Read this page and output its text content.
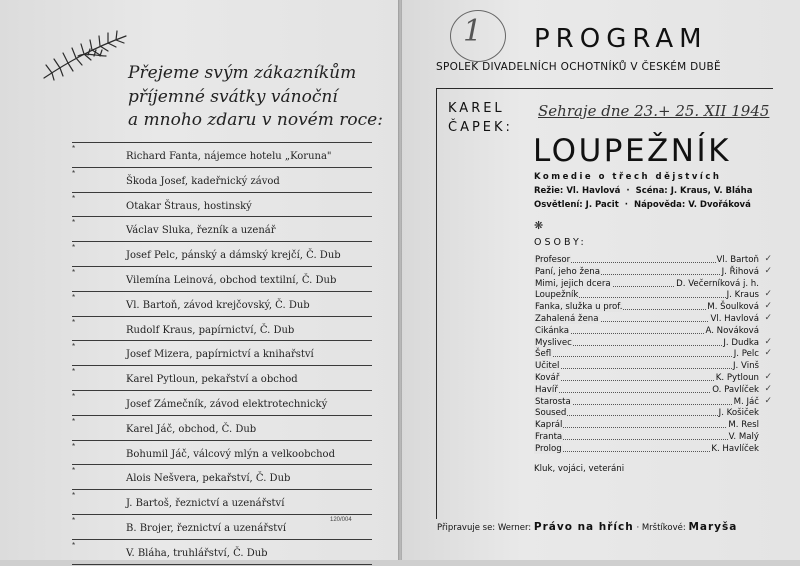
Přejeme svým zákazníkům
příjemné svátky vánoční
a mnoho zdaru v novém roce:
*
Richard Fanta, nájemce hotelu „Koruna"
*
Škoda Josef, kadeřnický závod
*
Otakar Štraus, hostinský
*
Václav Sluka, řezník a uzenář
*
Josef Pelc, pánský a dámský krejčí, Č. Dub
*
Vilemína Leinová, obchod textilní, Č. Dub
*
Vl. Bartoň, závod krejčovský, Č. Dub
*
Rudolf Kraus, papírnictví, Č. Dub
*
Josef Mizera, papírnictví a knihařství
*
Karel Pytloun, pekařství a obchod
*
Josef Zámečník, závod elektrotechnický
*
Karel Jáč, obchod, Č. Dub
*
Bohumil Jáč, válcový mlýn a velkoobchod
*
Alois Nešvera, pekařství, Č. Dub
*
J. Bartoš, řeznictví a uzenářství
*
B. Brojer, řeznictví a uzenářství
*
V. Bláha, truhlářství, Č. Dub
120/004
1 PROGRAM
SPOLEK DIVADELNÍCH OCHOTNÍKŮ V ČESKÉM DUBĚ
KAREL
ČAPEK:
Sehraje dne 23.+ 25. XII 1945
LOUPEŽNÍK
Komedie o třech dějstvích
Režie: Vl. Havlová · Scéna: J. Kraus, V. Bláha
Osvětlení: J. Pacit · Nápověda: V. Dvořáková
❋
OSOBY:
Profesor	Vl. Bartoň ✓
Paní, jeho žena	J. Řihová ✓
Mimi, jejich dcera	D. Večerníková j. h.
Loupežník	J. Kraus ✓
Fanka, služka u prof.	M. Šoulková ✓
Zahalená žena	Vl. Havlová ✓
Cikánka	A. Nováková
Myslivec	J. Dudka ✓
Šefl	J. Pelc ✓
Učitel	J. Vinš
Kovář	K. Pytloun ✓
Havíř	O. Pavlíček ✓
Starosta	M. Jáč ✓
Soused	J. Košiček
Kaprál	M. Resl
Franta	V. Malý
Prolog	K. Havlíček
Kluk, vojáci, veteráni
Připravuje se: Werner: Právo na hřích · Mrštíkové: Maryša
